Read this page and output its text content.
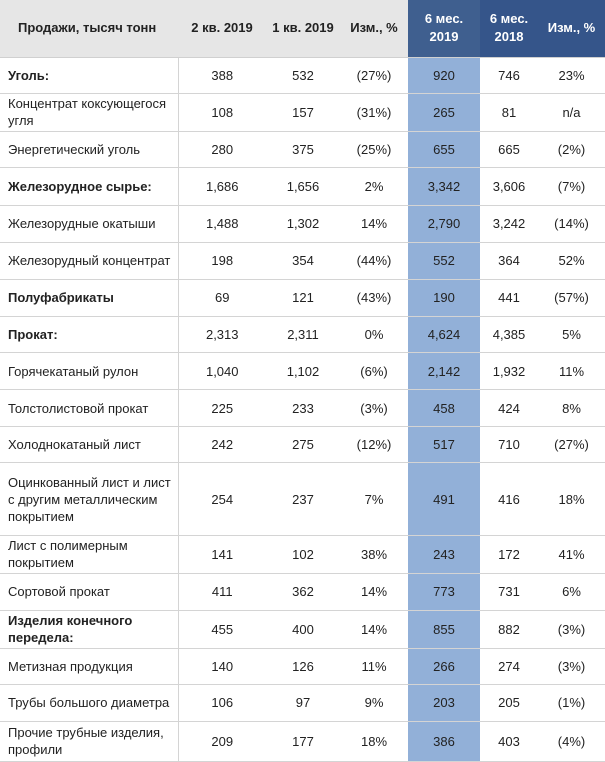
Продажи, тысяч тонн	2 кв. 2019	1 кв. 2019	Изм., %	6 мес. 2019	6 мес. 2018	Изм., %
Уголь:	388	532	(27%)	920	746	23%
Концентрат коксующегося угля	108	157	(31%)	265	81	n/a
Энергетический уголь	280	375	(25%)	655	665	(2%)
Железорудное сырье:	1,686	1,656	2%	3,342	3,606	(7%)
Железорудные окатыши	1,488	1,302	14%	2,790	3,242	(14%)
Железорудный концентрат	198	354	(44%)	552	364	52%
Полуфабрикаты	69	121	(43%)	190	441	(57%)
Прокат:	2,313	2,311	0%	4,624	4,385	5%
Горячекатаный рулон	1,040	1,102	(6%)	2,142	1,932	11%
Толстолистовой прокат	225	233	(3%)	458	424	8%
Холоднокатаный лист	242	275	(12%)	517	710	(27%)
Оцинкованный лист и лист с другим металлическим покрытием	254	237	7%	491	416	18%
Лист с полимерным покрытием	141	102	38%	243	172	41%
Сортовой прокат	411	362	14%	773	731	6%
Изделия конечного передела:	455	400	14%	855	882	(3%)
Метизная продукция	140	126	11%	266	274	(3%)
Трубы большого диаметра	106	97	9%	203	205	(1%)
Прочие трубные изделия, профили	209	177	18%	386	403	(4%)
